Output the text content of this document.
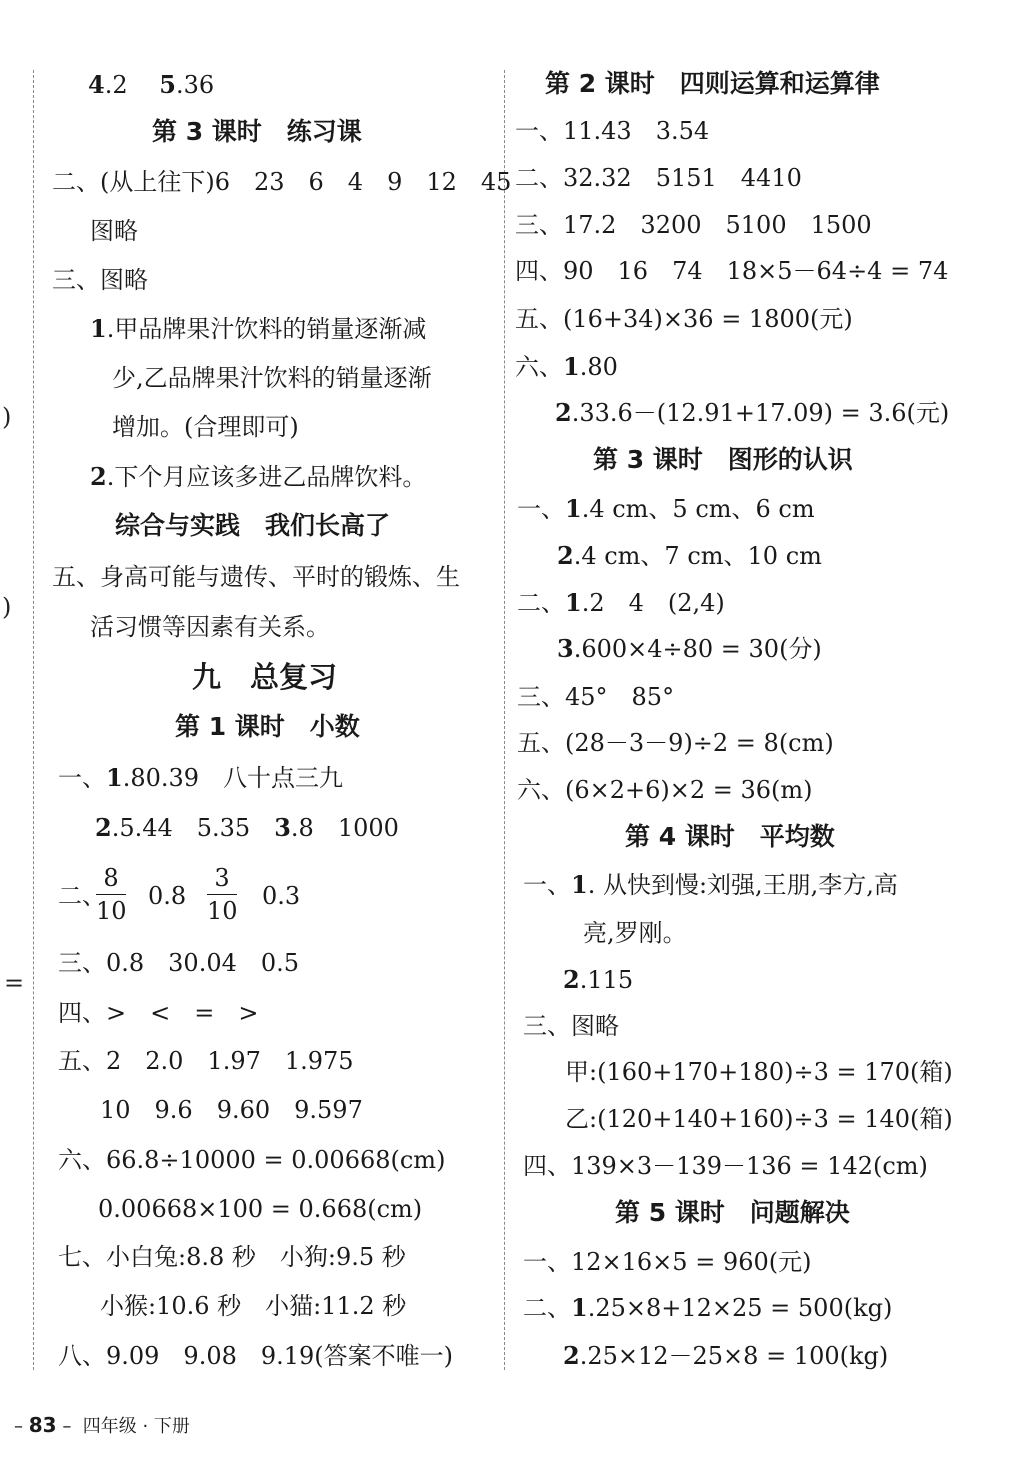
)
)
=
4.2　 5.36
第 3 课时　练习课
二、(从上往下)6　23　6　4　9　12　45
图略
三、图略
1.甲品牌果汁饮料的销量逐渐减
少,乙品牌果汁饮料的销量逐渐
增加。(合理即可)
2.下个月应该多进乙品牌饮料。
综合与实践　我们长高了
五、身高可能与遗传、平时的锻炼、生
活习惯等因素有关系。
九　总复习
第 1 课时　小数
一、1.80.39　八十点三九
2.5.44　5.35　3.8　1000
二、
8
10
0.8
3
10
0.3
三、0.8　30.04　0.5
四、>　<　=　>
五、2　2.0　1.97　1.975
10　9.6　9.60　9.597
六、66.8÷10000 = 0.00668(cm)
0.00668×100 = 0.668(cm)
七、小白兔:8.8 秒　小狗:9.5 秒
小猴:10.6 秒　小猫:11.2 秒
八、9.09　9.08　9.19(答案不唯一)
第 2 课时　四则运算和运算律
一、11.43　3.54
二、32.32　5151　4410
三、17.2　3200　5100　1500
四、90　16　74　18×5－64÷4 = 74
五、(16+34)×36 = 1800(元)
六、1.80
2.33.6－(12.91+17.09) = 3.6(元)
第 3 课时　图形的认识
一、1.4 cm、5 cm、6 cm
2.4 cm、7 cm、10 cm
二、1.2　4　(2,4)
3.600×4÷80 = 30(分)
三、45°　85°
五、(28－3－9)÷2 = 8(cm)
六、(6×2+6)×2 = 36(m)
第 4 课时　平均数
一、1. 从快到慢:刘强,王朋,李方,高
亮,罗刚。
2.115
三、图略
甲:(160+170+180)÷3 = 170(箱)
乙:(120+140+160)÷3 = 140(箱)
四、139×3－139－136 = 142(cm)
第 5 课时　问题解决
一、12×16×5 = 960(元)
二、1.25×8+12×25 = 500(kg)
2.25×12－25×8 = 100(kg)
– 83 – 四年级 · 下册
